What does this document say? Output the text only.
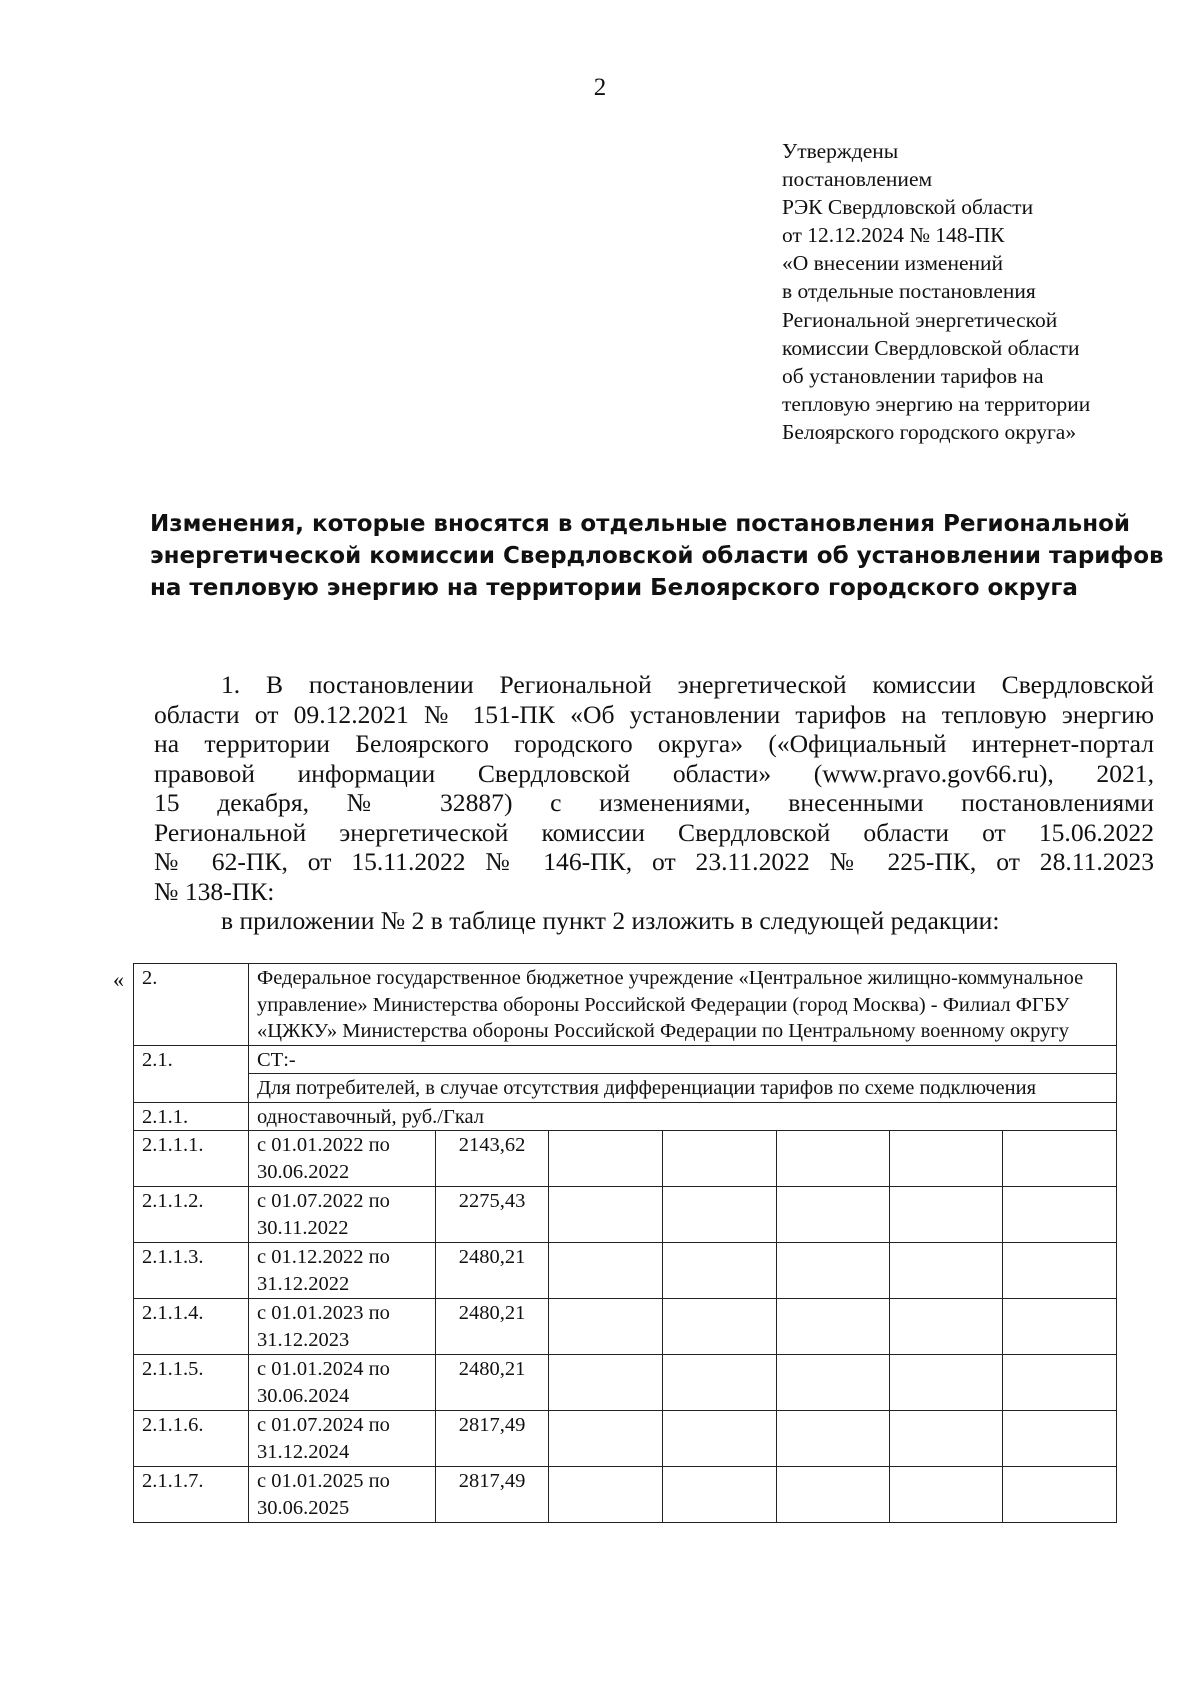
2
Утверждены
постановлением
РЭК Свердловской области
от 12.12.2024 № 148-ПК
«О внесении изменений
в отдельные постановления
Региональной энергетической
комиссии Свердловской области
об установлении тарифов на
тепловую энергию на территории
Белоярского городского округа»
Изменения, которые вносятся в отдельные постановления Региональной
энергетической комиссии Свердловской области об установлении тарифов
на тепловую энергию на территории Белоярского городского округа
1. В постановлении Региональной энергетической комиссии Свердловской
области от 09.12.2021 № 151-ПК «Об установлении тарифов на тепловую энергию
на территории Белоярского городского округа» («Официальный интернет-портал
правовой информации Свердловской области» (www.pravo.gov66.ru), 2021,
15 декабря, № 32887) с изменениями, внесенными постановлениями
Региональной энергетической комиссии Свердловской области от 15.06.2022
№ 62-ПК, от 15.11.2022 № 146-ПК, от 23.11.2022 № 225-ПК, от 28.11.2023
№ 138-ПК:
в приложении № 2 в таблице пункт 2 изложить в следующей редакции:
« 2.	Федеральное государственное бюджетное учреждение «Центральное жилищно-коммунальное управление» Министерства обороны Российской Федерации (город Москва) - Филиал ФГБУ «ЦЖКУ» Министерства обороны Российской Федерации по Центральному военному округу						
2.1.	СТ:-						
	Для потребителей, в случае отсутствия дифференциации тарифов по схеме подключения						
2.1.1.	одноставочный, руб./Гкал						
2.1.1.1.	с 01.01.2022 по 30.06.2022	2143,62					
2.1.1.2.	с 01.07.2022 по 30.11.2022	2275,43					
2.1.1.3.	с 01.12.2022 по 31.12.2022	2480,21					
2.1.1.4.	с 01.01.2023 по 31.12.2023	2480,21					
2.1.1.5.	с 01.01.2024 по 30.06.2024	2480,21					
2.1.1.6.	с 01.07.2024 по 31.12.2024	2817,49					
2.1.1.7.	с 01.01.2025 по 30.06.2025	2817,49					
